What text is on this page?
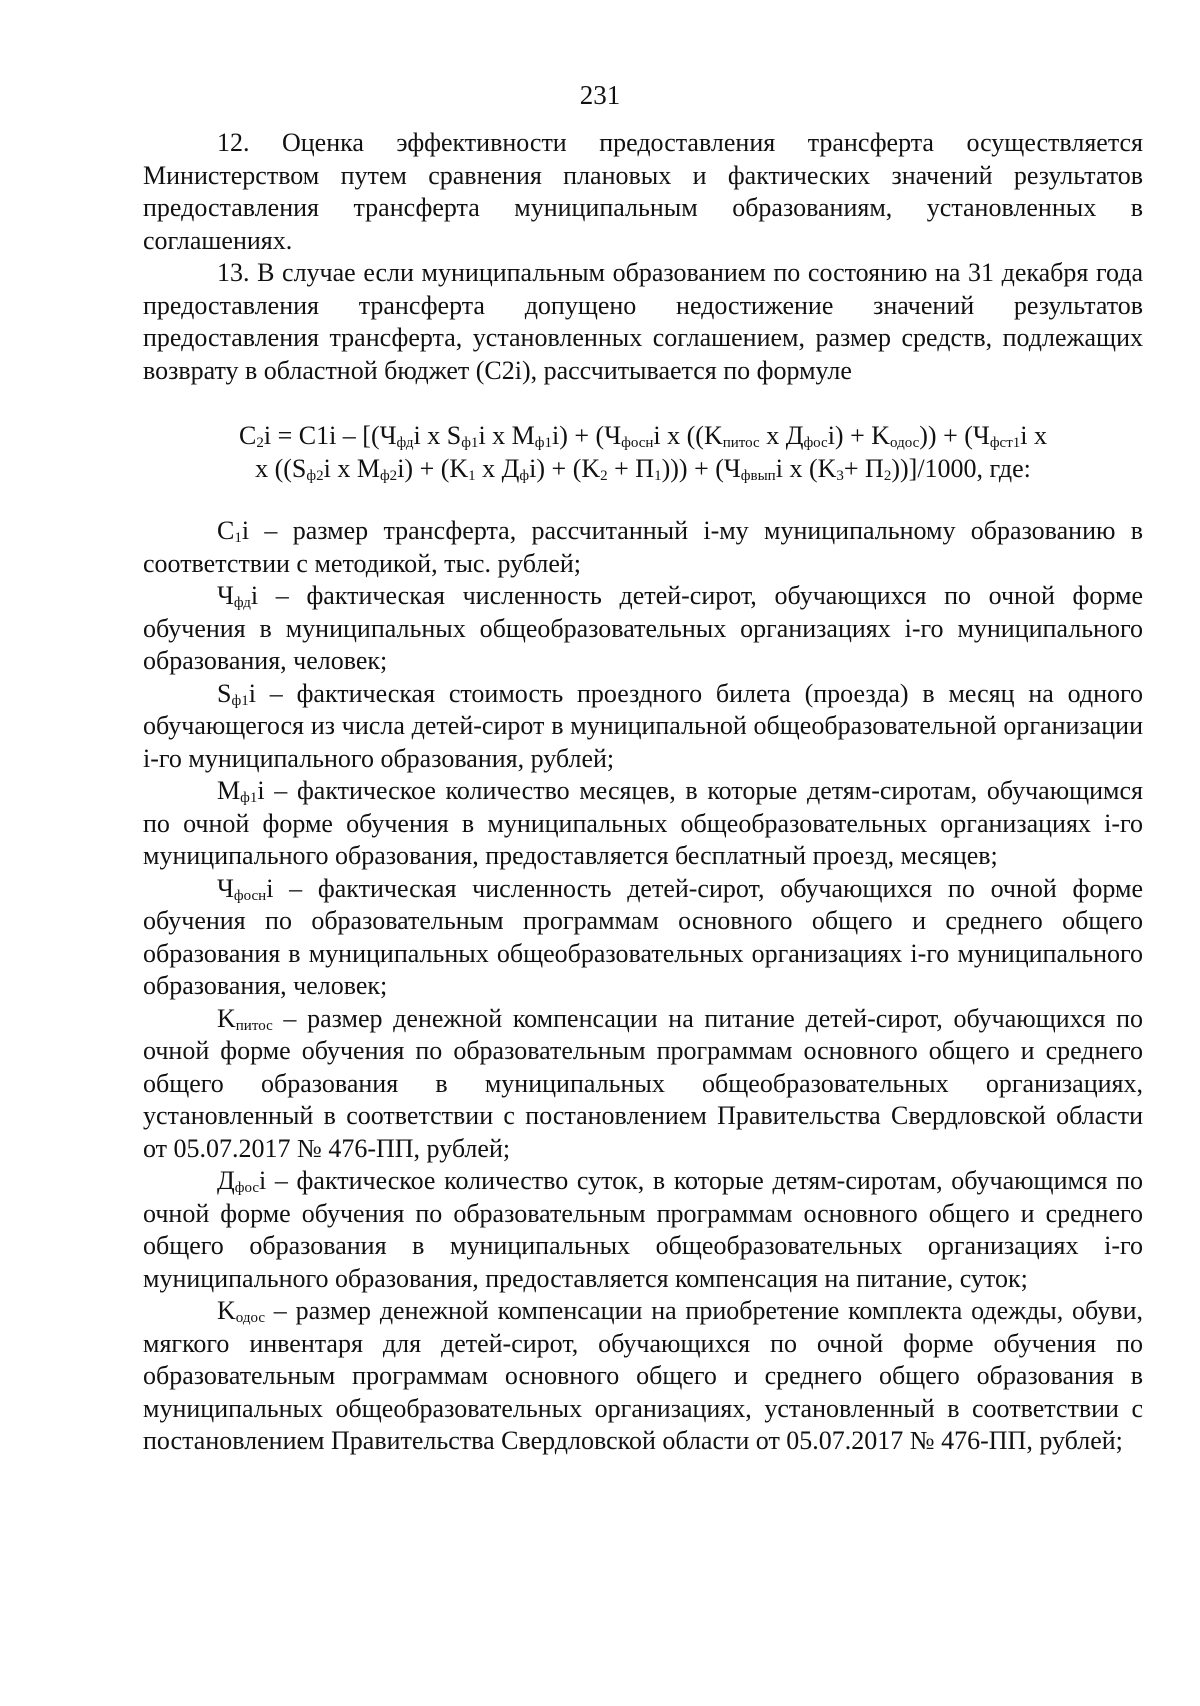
231

12. Оценка эффективности предоставления трансферта осуществляется Министерством путем сравнения плановых и фактических значений результатов предоставления трансферта муниципальным образованиям, установленных в соглашениях.

13. В случае если муниципальным образованием по состоянию на 31 декабря года предоставления трансферта допущено недостижение значений результатов предоставления трансферта, установленных соглашением, размер средств, подлежащих возврату в областной бюджет (C2i), рассчитывается по формуле

$C_2i = C1i - [(Ч_{фд}i$ x $S_{ф1}i$ x $M_{ф1}i) + (Ч_{фосн}i$ x (($K_{питос}$ x $Д_{фос}i) + K_{одос})) + (Ч_{фст1}i$ x
x (($S_{ф2}i$ x $M_{ф2}i) + (K_1$ x $Д_фi) + (K_2 + П_1))) + (Ч_{фвып}i$ x $(K_3+ П_2))]/1000$, где:

$C_1i$ – размер трансферта, рассчитанный i-му муниципальному образованию в соответствии с методикой, тыс. рублей;

$Ч_{фд}i$ – фактическая численность детей-сирот, обучающихся по очной форме обучения в муниципальных общеобразовательных организациях i-го муниципального образования, человек;

$S_{ф1}i$ – фактическая стоимость проездного билета (проезда) в месяц на одного обучающегося из числа детей-сирот в муниципальной общеобразовательной организации i-го муниципального образования, рублей;

$M_{ф1}i$ – фактическое количество месяцев, в которые детям-сиротам, обучающимся по очной форме обучения в муниципальных общеобразовательных организациях i-го муниципального образования, предоставляется бесплатный проезд, месяцев;

$Ч_{фосн}i$ – фактическая численность детей-сирот, обучающихся по очной форме обучения по образовательным программам основного общего и среднего общего образования в муниципальных общеобразовательных организациях i-го муниципального образования, человек;

$K_{питос}$ – размер денежной компенсации на питание детей-сирот, обучающихся по очной форме обучения по образовательным программам основного общего и среднего общего образования в муниципальных общеобразовательных организациях, установленный в соответствии с постановлением Правительства Свердловской области от 05.07.2017 № 476-ПП, рублей;

$Д_{фос}i$ – фактическое количество суток, в которые детям-сиротам, обучающимся по очной форме обучения по образовательным программам основного общего и среднего общего образования в муниципальных общеобразовательных организациях i-го муниципального образования, предоставляется компенсация на питание, суток;

$K_{одос}$ – размер денежной компенсации на приобретение комплекта одежды, обуви, мягкого инвентаря для детей-сирот, обучающихся по очной форме обучения по образовательным программам основного общего и среднего общего образования в муниципальных общеобразовательных организациях, установленный в соответствии с постановлением Правительства Свердловской области от 05.07.2017 № 476-ПП, рублей;
